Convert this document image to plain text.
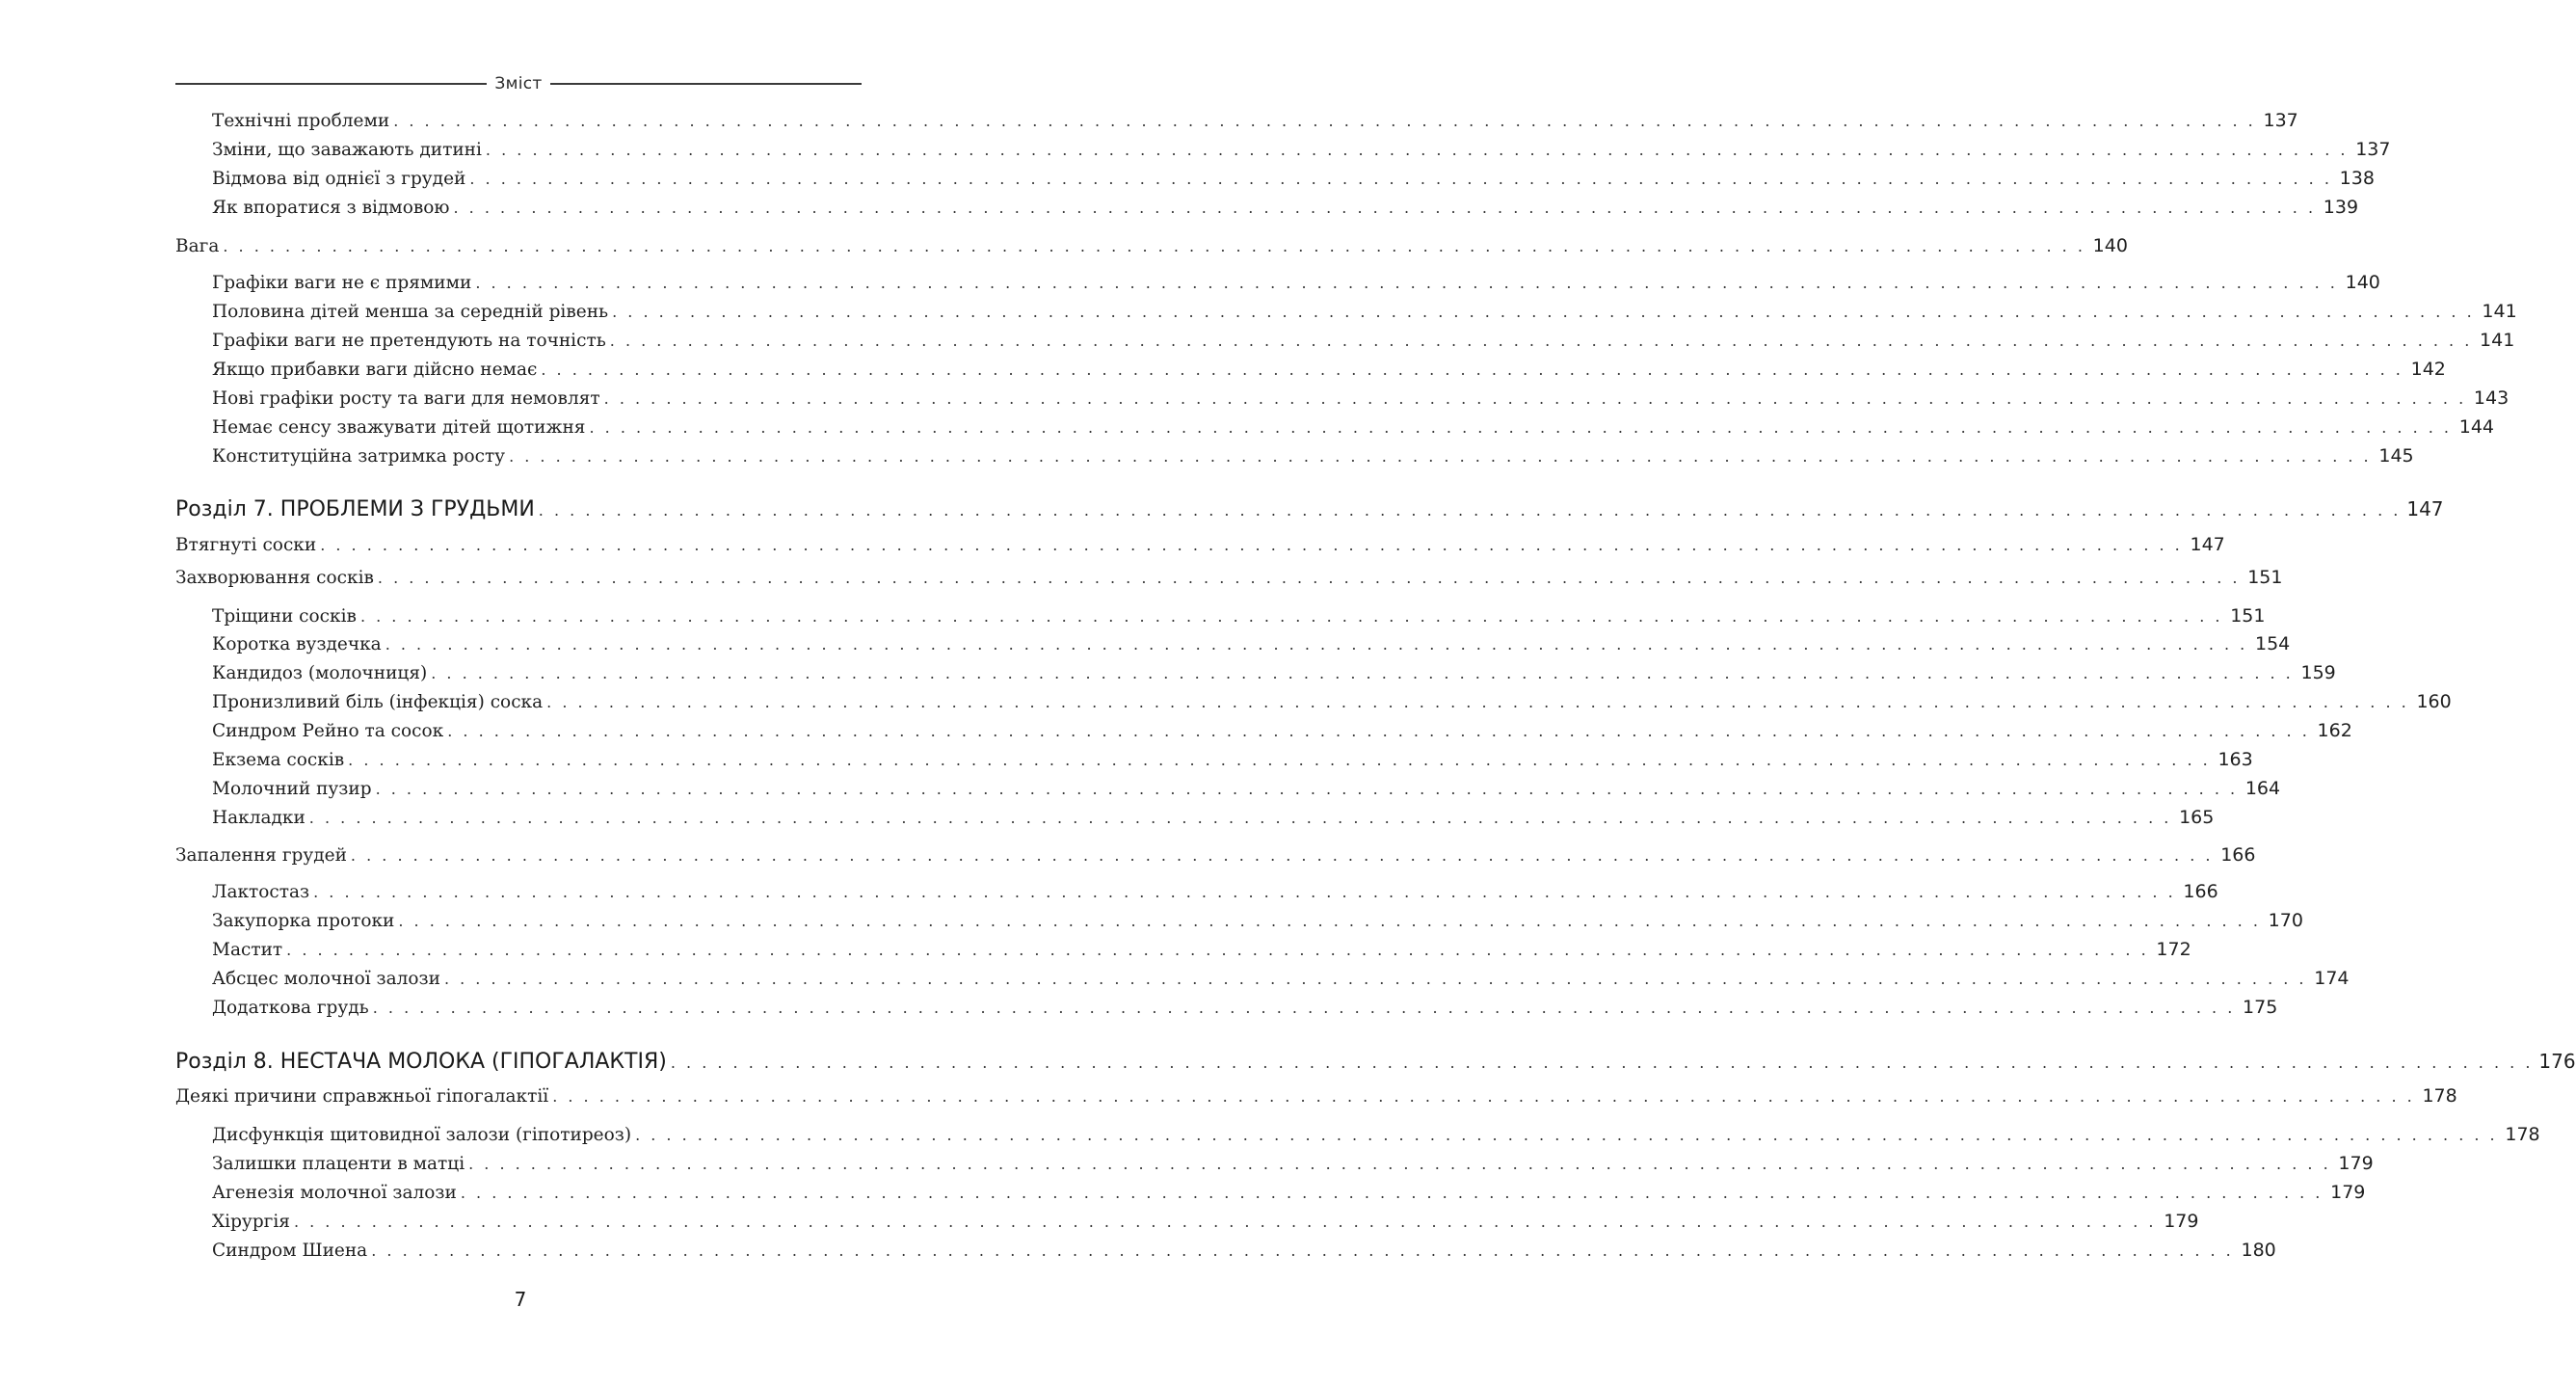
Зміст
Технічні проблеми . . . . . . . . . . . . . . . . . . . . . . . . . . . . . . . . . . . . . . . . . . . . . . . . . . . . . . . . . . . . . . . . . . . . . . . . . . . . . . . . . . . . . . . . . . . . . . . . . . . . . . . . . . . . . . . . . . . . . . . . 137
Зміни, що заважають дитині . . . . . . . . . . . . . . . . . . . . . . . . . . . . . . . . . . . . . . . . . . . . . . . . . . . . . . . . . . . . . . . . . . . . . . . . . . . . . . . . . . . . . . . . . . . . . . . . . . . . . . . . . . . . . . . . . . . . . . . . 137
Відмова від однієї з грудей . . . . . . . . . . . . . . . . . . . . . . . . . . . . . . . . . . . . . . . . . . . . . . . . . . . . . . . . . . . . . . . . . . . . . . . . . . . . . . . . . . . . . . . . . . . . . . . . . . . . . . . . . . . . . . . . . . . . . . . . 138
Як впоратися з відмовою . . . . . . . . . . . . . . . . . . . . . . . . . . . . . . . . . . . . . . . . . . . . . . . . . . . . . . . . . . . . . . . . . . . . . . . . . . . . . . . . . . . . . . . . . . . . . . . . . . . . . . . . . . . . . . . . . . . . . . . . 139
Вага . . . . . . . . . . . . . . . . . . . . . . . . . . . . . . . . . . . . . . . . . . . . . . . . . . . . . . . . . . . . . . . . . . . . . . . . . . . . . . . . . . . . . . . . . . . . . . . . . . . . . . . . . . . . . . . . . . . . . . . . 140
Графіки ваги не є прямими . . . . . . . . . . . . . . . . . . . . . . . . . . . . . . . . . . . . . . . . . . . . . . . . . . . . . . . . . . . . . . . . . . . . . . . . . . . . . . . . . . . . . . . . . . . . . . . . . . . . . . . . . . . . . . . . . . . . . . . . 140
Половина дітей менша за середній рівень . . . . . . . . . . . . . . . . . . . . . . . . . . . . . . . . . . . . . . . . . . . . . . . . . . . . . . . . . . . . . . . . . . . . . . . . . . . . . . . . . . . . . . . . . . . . . . . . . . . . . . . . . . . . . . . . . . . . . . . . 141
Графіки ваги не претендують на точність . . . . . . . . . . . . . . . . . . . . . . . . . . . . . . . . . . . . . . . . . . . . . . . . . . . . . . . . . . . . . . . . . . . . . . . . . . . . . . . . . . . . . . . . . . . . . . . . . . . . . . . . . . . . . . . . . . . . . . . . 141
Якщо прибавки ваги дійсно немає . . . . . . . . . . . . . . . . . . . . . . . . . . . . . . . . . . . . . . . . . . . . . . . . . . . . . . . . . . . . . . . . . . . . . . . . . . . . . . . . . . . . . . . . . . . . . . . . . . . . . . . . . . . . . . . . . . . . . . . . 142
Нові графіки росту та ваги для немовлят . . . . . . . . . . . . . . . . . . . . . . . . . . . . . . . . . . . . . . . . . . . . . . . . . . . . . . . . . . . . . . . . . . . . . . . . . . . . . . . . . . . . . . . . . . . . . . . . . . . . . . . . . . . . . . . . . . . . . . . . 143
Немає сенсу зважувати дітей щотижня . . . . . . . . . . . . . . . . . . . . . . . . . . . . . . . . . . . . . . . . . . . . . . . . . . . . . . . . . . . . . . . . . . . . . . . . . . . . . . . . . . . . . . . . . . . . . . . . . . . . . . . . . . . . . . . . . . . . . . . . 144
Конституційна затримка росту . . . . . . . . . . . . . . . . . . . . . . . . . . . . . . . . . . . . . . . . . . . . . . . . . . . . . . . . . . . . . . . . . . . . . . . . . . . . . . . . . . . . . . . . . . . . . . . . . . . . . . . . . . . . . . . . . . . . . . . . 145
Розділ 7. ПРОБЛЕМИ З ГРУДЬМИ . . . . . . . . . . . . . . . . . . . . . . . . . . . . . . . . . . . . . . . . . . . . . . . . . . . . . . . . . . . . . . . . . . . . . . . . . . . . . . . . . . . . . . . . . . . . . . . . . . . . . . . . . . . . . . . . . . . . . . . . 147
Втягнуті соски . . . . . . . . . . . . . . . . . . . . . . . . . . . . . . . . . . . . . . . . . . . . . . . . . . . . . . . . . . . . . . . . . . . . . . . . . . . . . . . . . . . . . . . . . . . . . . . . . . . . . . . . . . . . . . . . . . . . . . . . 147
Захворювання сосків . . . . . . . . . . . . . . . . . . . . . . . . . . . . . . . . . . . . . . . . . . . . . . . . . . . . . . . . . . . . . . . . . . . . . . . . . . . . . . . . . . . . . . . . . . . . . . . . . . . . . . . . . . . . . . . . . . . . . . . . 151
Тріщини сосків . . . . . . . . . . . . . . . . . . . . . . . . . . . . . . . . . . . . . . . . . . . . . . . . . . . . . . . . . . . . . . . . . . . . . . . . . . . . . . . . . . . . . . . . . . . . . . . . . . . . . . . . . . . . . . . . . . . . . . . . 151
Коротка вуздечка . . . . . . . . . . . . . . . . . . . . . . . . . . . . . . . . . . . . . . . . . . . . . . . . . . . . . . . . . . . . . . . . . . . . . . . . . . . . . . . . . . . . . . . . . . . . . . . . . . . . . . . . . . . . . . . . . . . . . . . . 154
Кандидоз (молочниця) . . . . . . . . . . . . . . . . . . . . . . . . . . . . . . . . . . . . . . . . . . . . . . . . . . . . . . . . . . . . . . . . . . . . . . . . . . . . . . . . . . . . . . . . . . . . . . . . . . . . . . . . . . . . . . . . . . . . . . . . 159
Пронизливий біль (інфекція) соска . . . . . . . . . . . . . . . . . . . . . . . . . . . . . . . . . . . . . . . . . . . . . . . . . . . . . . . . . . . . . . . . . . . . . . . . . . . . . . . . . . . . . . . . . . . . . . . . . . . . . . . . . . . . . . . . . . . . . . . . 160
Синдром Рейно та сосок . . . . . . . . . . . . . . . . . . . . . . . . . . . . . . . . . . . . . . . . . . . . . . . . . . . . . . . . . . . . . . . . . . . . . . . . . . . . . . . . . . . . . . . . . . . . . . . . . . . . . . . . . . . . . . . . . . . . . . . . 162
Екзема сосків . . . . . . . . . . . . . . . . . . . . . . . . . . . . . . . . . . . . . . . . . . . . . . . . . . . . . . . . . . . . . . . . . . . . . . . . . . . . . . . . . . . . . . . . . . . . . . . . . . . . . . . . . . . . . . . . . . . . . . . . 163
Молочний пузир . . . . . . . . . . . . . . . . . . . . . . . . . . . . . . . . . . . . . . . . . . . . . . . . . . . . . . . . . . . . . . . . . . . . . . . . . . . . . . . . . . . . . . . . . . . . . . . . . . . . . . . . . . . . . . . . . . . . . . . . 164
Накладки . . . . . . . . . . . . . . . . . . . . . . . . . . . . . . . . . . . . . . . . . . . . . . . . . . . . . . . . . . . . . . . . . . . . . . . . . . . . . . . . . . . . . . . . . . . . . . . . . . . . . . . . . . . . . . . . . . . . . . . . 165
Запалення грудей . . . . . . . . . . . . . . . . . . . . . . . . . . . . . . . . . . . . . . . . . . . . . . . . . . . . . . . . . . . . . . . . . . . . . . . . . . . . . . . . . . . . . . . . . . . . . . . . . . . . . . . . . . . . . . . . . . . . . . . . 166
Лактостаз . . . . . . . . . . . . . . . . . . . . . . . . . . . . . . . . . . . . . . . . . . . . . . . . . . . . . . . . . . . . . . . . . . . . . . . . . . . . . . . . . . . . . . . . . . . . . . . . . . . . . . . . . . . . . . . . . . . . . . . . 166
Закупорка протоки . . . . . . . . . . . . . . . . . . . . . . . . . . . . . . . . . . . . . . . . . . . . . . . . . . . . . . . . . . . . . . . . . . . . . . . . . . . . . . . . . . . . . . . . . . . . . . . . . . . . . . . . . . . . . . . . . . . . . . . . 170
Мастит . . . . . . . . . . . . . . . . . . . . . . . . . . . . . . . . . . . . . . . . . . . . . . . . . . . . . . . . . . . . . . . . . . . . . . . . . . . . . . . . . . . . . . . . . . . . . . . . . . . . . . . . . . . . . . . . . . . . . . . . 172
Абсцес молочної залози . . . . . . . . . . . . . . . . . . . . . . . . . . . . . . . . . . . . . . . . . . . . . . . . . . . . . . . . . . . . . . . . . . . . . . . . . . . . . . . . . . . . . . . . . . . . . . . . . . . . . . . . . . . . . . . . . . . . . . . . 174
Додаткова грудь . . . . . . . . . . . . . . . . . . . . . . . . . . . . . . . . . . . . . . . . . . . . . . . . . . . . . . . . . . . . . . . . . . . . . . . . . . . . . . . . . . . . . . . . . . . . . . . . . . . . . . . . . . . . . . . . . . . . . . . . 175
Розділ 8. НЕСТАЧА МОЛОКА (ГІПОГАЛАКТІЯ) . . . . . . . . . . . . . . . . . . . . . . . . . . . . . . . . . . . . . . . . . . . . . . . . . . . . . . . . . . . . . . . . . . . . . . . . . . . . . . . . . . . . . . . . . . . . . . . . . . . . . . . . . . . . . . . . . . . . . . . . 176
Деякі причини справжньої гіпогалактії . . . . . . . . . . . . . . . . . . . . . . . . . . . . . . . . . . . . . . . . . . . . . . . . . . . . . . . . . . . . . . . . . . . . . . . . . . . . . . . . . . . . . . . . . . . . . . . . . . . . . . . . . . . . . . . . . . . . . . . . 178
Дисфункція щитовидної залози (гіпотиреоз) . . . . . . . . . . . . . . . . . . . . . . . . . . . . . . . . . . . . . . . . . . . . . . . . . . . . . . . . . . . . . . . . . . . . . . . . . . . . . . . . . . . . . . . . . . . . . . . . . . . . . . . . . . . . . . . . . . . . . . . . 178
Залишки плаценти в матці . . . . . . . . . . . . . . . . . . . . . . . . . . . . . . . . . . . . . . . . . . . . . . . . . . . . . . . . . . . . . . . . . . . . . . . . . . . . . . . . . . . . . . . . . . . . . . . . . . . . . . . . . . . . . . . . . . . . . . . . 179
Агенезія молочної залози . . . . . . . . . . . . . . . . . . . . . . . . . . . . . . . . . . . . . . . . . . . . . . . . . . . . . . . . . . . . . . . . . . . . . . . . . . . . . . . . . . . . . . . . . . . . . . . . . . . . . . . . . . . . . . . . . . . . . . . . 179
Хірургія . . . . . . . . . . . . . . . . . . . . . . . . . . . . . . . . . . . . . . . . . . . . . . . . . . . . . . . . . . . . . . . . . . . . . . . . . . . . . . . . . . . . . . . . . . . . . . . . . . . . . . . . . . . . . . . . . . . . . . . . 179
Синдром Шиена . . . . . . . . . . . . . . . . . . . . . . . . . . . . . . . . . . . . . . . . . . . . . . . . . . . . . . . . . . . . . . . . . . . . . . . . . . . . . . . . . . . . . . . . . . . . . . . . . . . . . . . . . . . . . . . . . . . . . . . . 180
7
